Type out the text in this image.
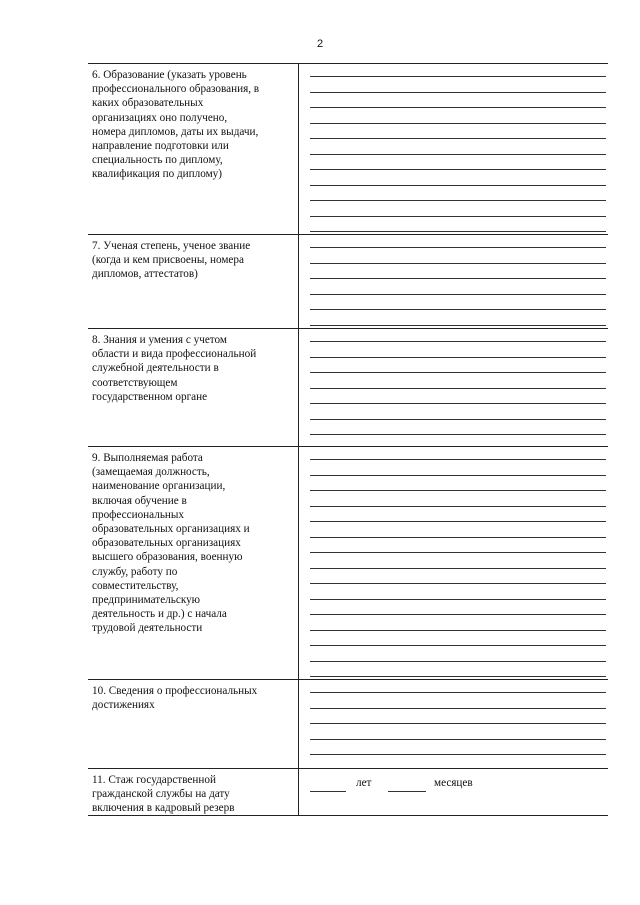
2
6. Образование (указать уровень
профессионального образования, в
каких образовательных
организациях оно получено,
номера дипломов, даты их выдачи,
направление подготовки или
специальность по диплому,
квалификация по диплому)
7. Ученая степень, ученое звание
(когда и кем присвоены, номера
дипломов, аттестатов)
8. Знания и умения с учетом
области и вида профессиональной
служебной деятельности в
соответствующем
государственном органе
9. Выполняемая работа
(замещаемая должность,
наименование организации,
включая обучение в
профессиональных
образовательных организациях и
образовательных организациях
высшего образования, военную
службу, работу по
совместительству,
предпринимательскую
деятельность и др.) с начала
трудовой деятельности
10. Сведения о профессиональных
достижениях
11. Стаж государственной
гражданской службы на дату
включения в кадровый резерв
лет	месяцев
